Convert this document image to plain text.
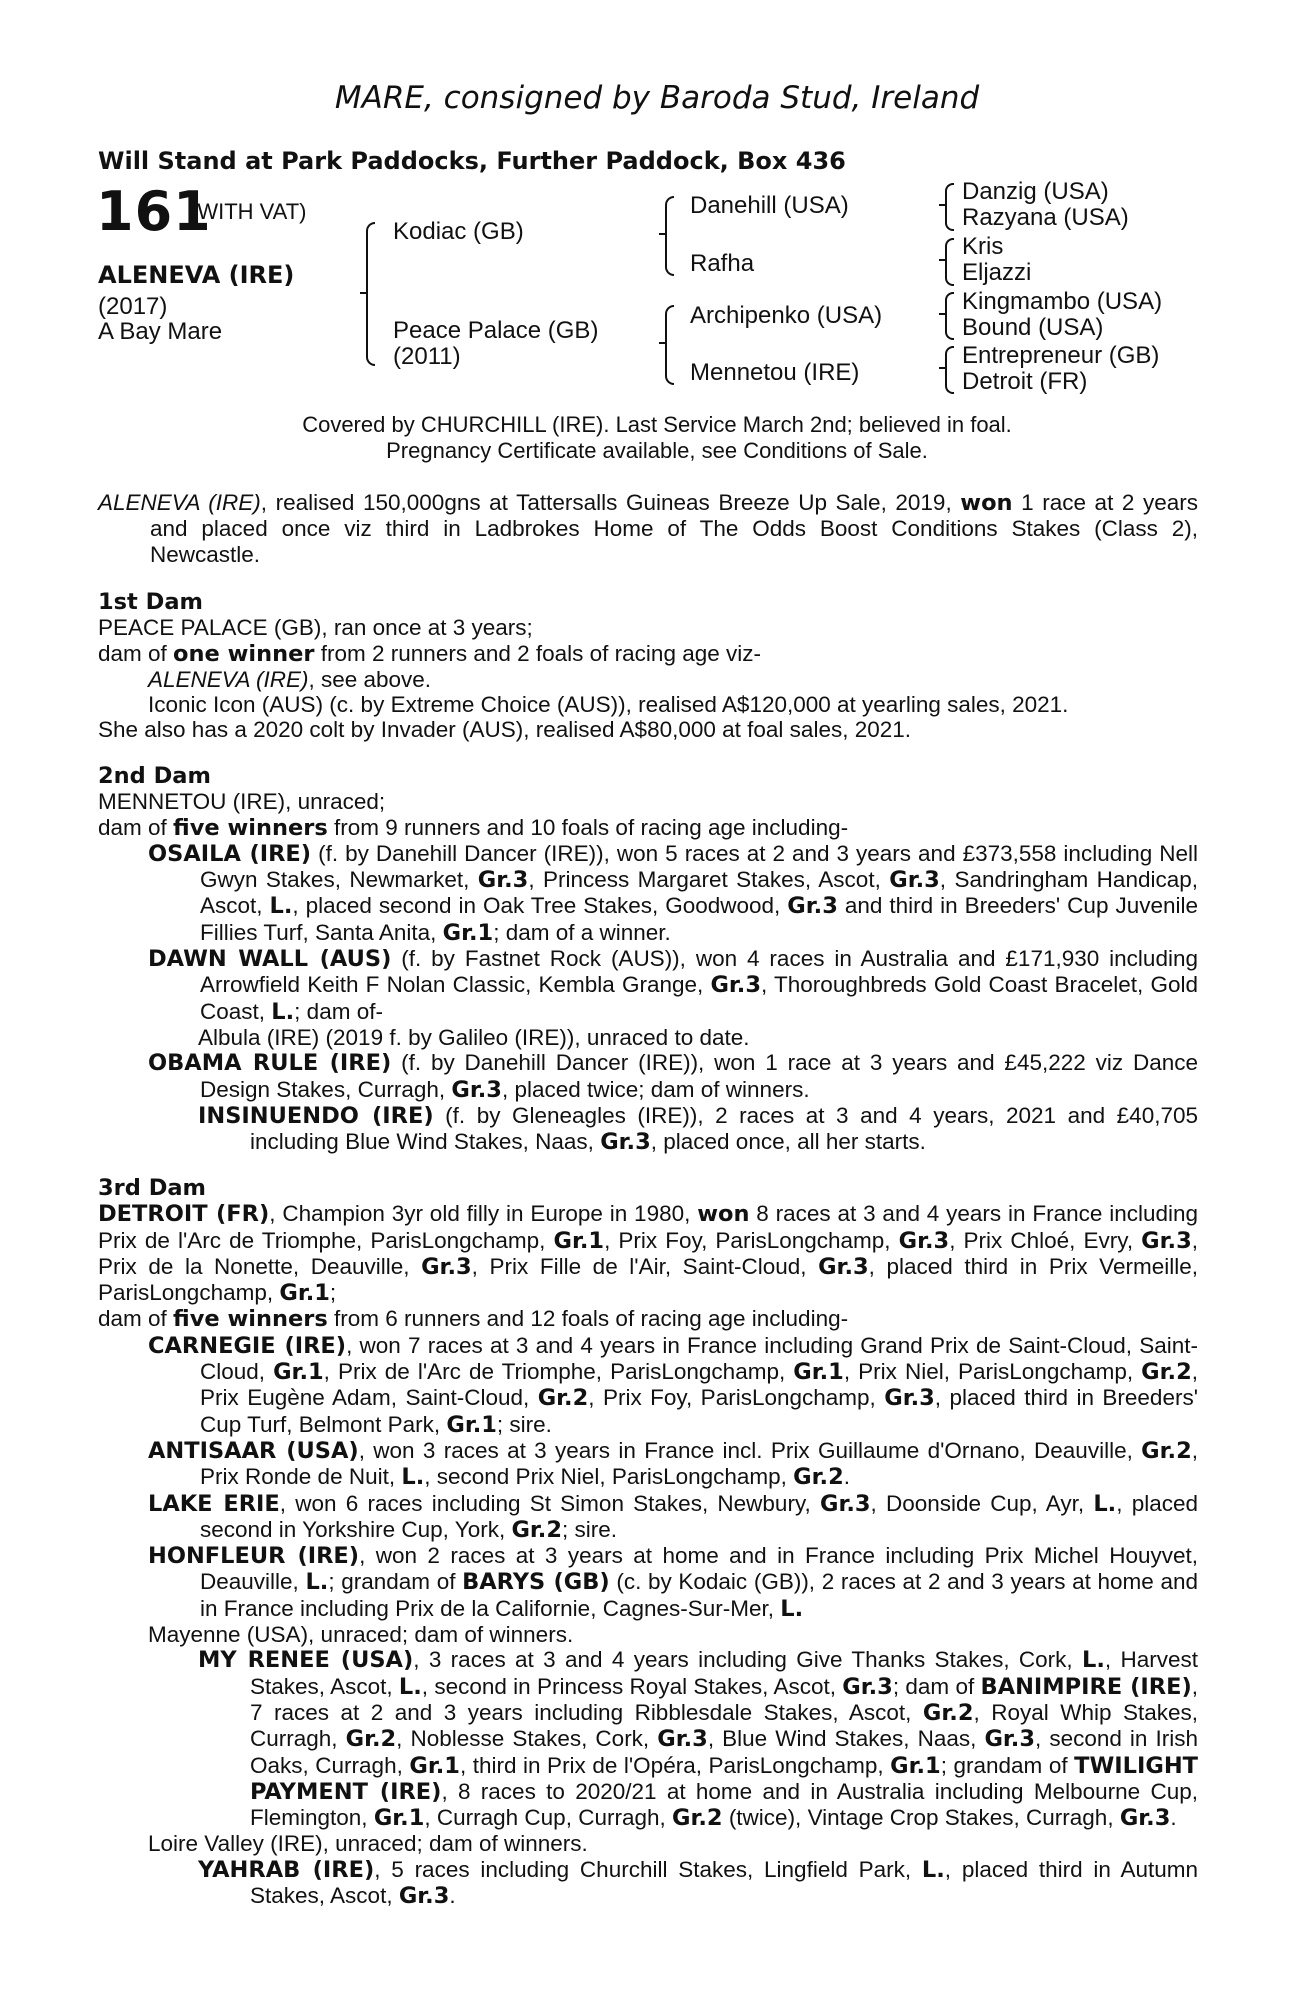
MARE, consigned by Baroda Stud, Ireland
Will Stand at Park Paddocks, Further Paddock, Box 436
161
(WITH VAT)
ALENEVA (IRE)
(2017)
A Bay Mare
Kodiac (GB)
Peace Palace (GB)
(2011)
Danehill (USA)
Rafha
Archipenko (USA)
Mennetou (IRE)
Danzig (USA)
Razyana (USA)
Kris
Eljazzi
Kingmambo (USA)
Bound (USA)
Entrepreneur (GB)
Detroit (FR)
Covered by CHURCHILL (IRE). Last Service March 2nd; believed in foal.
Pregnancy Certificate available, see Conditions of Sale.

ALENEVA (IRE), realised 150,000gns at Tattersalls Guineas Breeze Up Sale, 2019, won 1 race at 2 years and placed once viz third in Ladbrokes Home of The Odds Boost Conditions Stakes (Class 2), Newcastle.

1st Dam

PEACE PALACE (GB), ran once at 3 years;

dam of one winner from 2 runners and 2 foals of racing age viz-

ALENEVA (IRE), see above.

Iconic Icon (AUS) (c. by Extreme Choice (AUS)), realised A$120,000 at yearling sales, 2021.

She also has a 2020 colt by Invader (AUS), realised A$80,000 at foal sales, 2021.

2nd Dam

MENNETOU (IRE), unraced;

dam of five winners from 9 runners and 10 foals of racing age including-

OSAILA (IRE) (f. by Danehill Dancer (IRE)), won 5 races at 2 and 3 years and £373,558 including Nell Gwyn Stakes, Newmarket, Gr.3, Princess Margaret Stakes, Ascot, Gr.3, Sandringham Handicap, Ascot, L., placed second in Oak Tree Stakes, Goodwood, Gr.3 and third in Breeders' Cup Juvenile Fillies Turf, Santa Anita, Gr.1; dam of a winner.

DAWN WALL (AUS) (f. by Fastnet Rock (AUS)), won 4 races in Australia and £171,930 including Arrowfield Keith F Nolan Classic, Kembla Grange, Gr.3, Thoroughbreds Gold Coast Bracelet, Gold Coast, L.; dam of-

Albula (IRE) (2019 f. by Galileo (IRE)), unraced to date.

OBAMA RULE (IRE) (f. by Danehill Dancer (IRE)), won 1 race at 3 years and £45,222 viz Dance Design Stakes, Curragh, Gr.3, placed twice; dam of winners.

INSINUENDO (IRE) (f. by Gleneagles (IRE)), 2 races at 3 and 4 years, 2021 and £40,705 including Blue Wind Stakes, Naas, Gr.3, placed once, all her starts.

3rd Dam

DETROIT (FR), Champion 3yr old filly in Europe in 1980, won 8 races at 3 and 4 years in France including Prix de l'Arc de Triomphe, ParisLongchamp, Gr.1, Prix Foy, ParisLongchamp, Gr.3, Prix Chloé, Evry, Gr.3, Prix de la Nonette, Deauville, Gr.3, Prix Fille de l'Air, Saint-Cloud, Gr.3, placed third in Prix Vermeille, ParisLongchamp, Gr.1;

dam of five winners from 6 runners and 12 foals of racing age including-

CARNEGIE (IRE), won 7 races at 3 and 4 years in France including Grand Prix de Saint-Cloud, Saint-Cloud, Gr.1, Prix de l'Arc de Triomphe, ParisLongchamp, Gr.1, Prix Niel, ParisLongchamp, Gr.2, Prix Eugène Adam, Saint-Cloud, Gr.2, Prix Foy, ParisLongchamp, Gr.3, placed third in Breeders' Cup Turf, Belmont Park, Gr.1; sire.

ANTISAAR (USA), won 3 races at 3 years in France incl. Prix Guillaume d'Ornano, Deauville, Gr.2, Prix Ronde de Nuit, L., second Prix Niel, ParisLongchamp, Gr.2.

LAKE ERIE, won 6 races including St Simon Stakes, Newbury, Gr.3, Doonside Cup, Ayr, L., placed second in Yorkshire Cup, York, Gr.2; sire.

HONFLEUR (IRE), won 2 races at 3 years at home and in France including Prix Michel Houyvet, Deauville, L.; grandam of BARYS (GB) (c. by Kodaic (GB)), 2 races at 2 and 3 years at home and in France including Prix de la Californie, Cagnes-Sur-Mer, L.

Mayenne (USA), unraced; dam of winners.

MY RENEE (USA), 3 races at 3 and 4 years including Give Thanks Stakes, Cork, L., Harvest Stakes, Ascot, L., second in Princess Royal Stakes, Ascot, Gr.3; dam of BANIMPIRE (IRE), 7 races at 2 and 3 years including Ribblesdale Stakes, Ascot, Gr.2, Royal Whip Stakes, Curragh, Gr.2, Noblesse Stakes, Cork, Gr.3, Blue Wind Stakes, Naas, Gr.3, second in Irish Oaks, Curragh, Gr.1, third in Prix de l'Opéra, ParisLongchamp, Gr.1; grandam of TWILIGHT PAYMENT (IRE), 8 races to 2020/21 at home and in Australia including Melbourne Cup, Flemington, Gr.1, Curragh Cup, Curragh, Gr.2 (twice), Vintage Crop Stakes, Curragh, Gr.3.

Loire Valley (IRE), unraced; dam of winners.

YAHRAB (IRE), 5 races including Churchill Stakes, Lingfield Park, L., placed third in Autumn Stakes, Ascot, Gr.3.
